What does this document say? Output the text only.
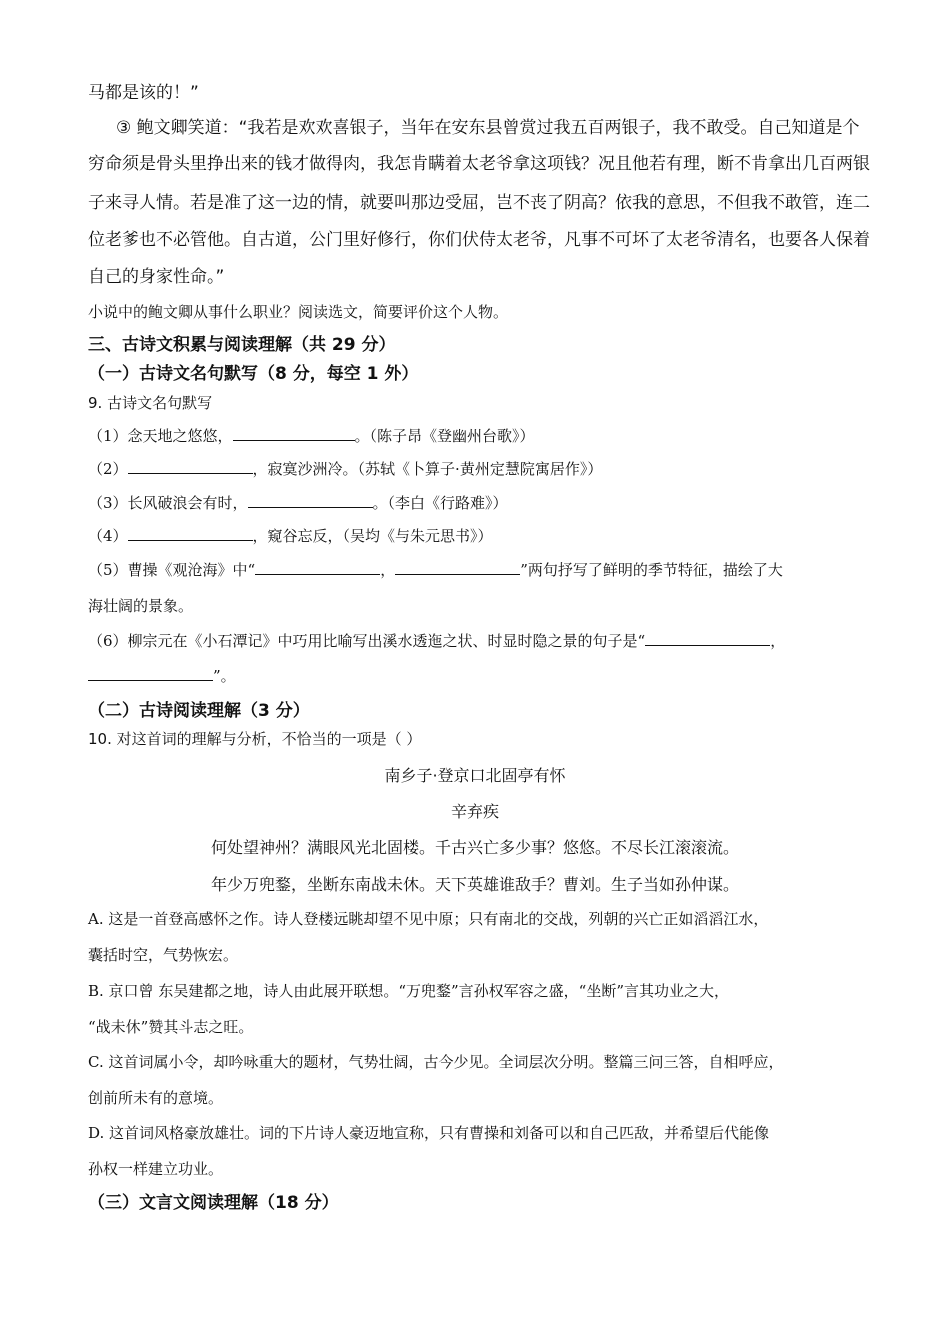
马都是该的！”
③ 鲍文卿笑道：“我若是欢欢喜银子，当年在安东县曾赏过我五百两银子，我不敢受。自己知道是个
穷命须是骨头里挣出来的钱才做得肉，我怎肯瞒着太老爷拿这项钱？况且他若有理，断不肯拿出几百两银
子来寻人情。若是准了这一边的情，就要叫那边受屈，岂不丧了阴高？依我的意思，不但我不敢管，连二
位老爹也不必管他。自古道，公门里好修行，你们伏侍太老爷，凡事不可坏了太老爷清名，也要各人保着
自己的身家性命。”
小说中的鲍文卿从事什么职业？阅读选文，简要评价这个人物。
三、古诗文积累与阅读理解（共 29 分）
（一）古诗文名句默写（8 分，每空 1 外）
9. 古诗文名句默写
（1）念天地之悠悠，	。（陈子昂《登幽州台歌》）
（2）	，寂寞沙洲冷。（苏轼《卜算子·黄州定慧院寓居作》）
（3）长风破浪会有时，	。（李白《行路难》）
（4）	，窥谷忘反，（吴均《与朱元思书》）
（5）曹操《观沧海》中“	，	”两句抒写了鲜明的季节特征，描绘了大
海壮阔的景象。
（6）柳宗元在《小石潭记》中巧用比喻写出溪水透迤之状、时显时隐之景的句子是“	，
”。
（二）古诗阅读理解（3 分）
10. 对这首词的理解与分析，不恰当的一项是（ ）
南乡子·登京口北固亭有怀
辛弃疾
何处望神州？满眼风光北固楼。千古兴亡多少事？悠悠。不尽长江滚滚流。
年少万兜鍪，坐断东南战未休。天下英雄谁敌手？曹刘。生子当如孙仲谋。
A. 这是一首登高感怀之作。诗人登楼远眺却望不见中原；只有南北的交战，列朝的兴亡正如滔滔江水，
囊括时空，气势恢宏。
B. 京口曾 东吴建都之地，诗人由此展开联想。“万兜鍪”言孙权军容之盛，“坐断”言其功业之大，
“战未休”赞其斗志之旺。
C. 这首词属小令，却吟咏重大的题材，气势壮阔，古今少见。全词层次分明。整篇三问三答，自相呼应，
创前所未有的意境。
D. 这首词风格豪放雄壮。词的下片诗人豪迈地宣称，只有曹操和刘备可以和自己匹敌，并希望后代能像
孙权一样建立功业。
（三）文言文阅读理解（18 分）
